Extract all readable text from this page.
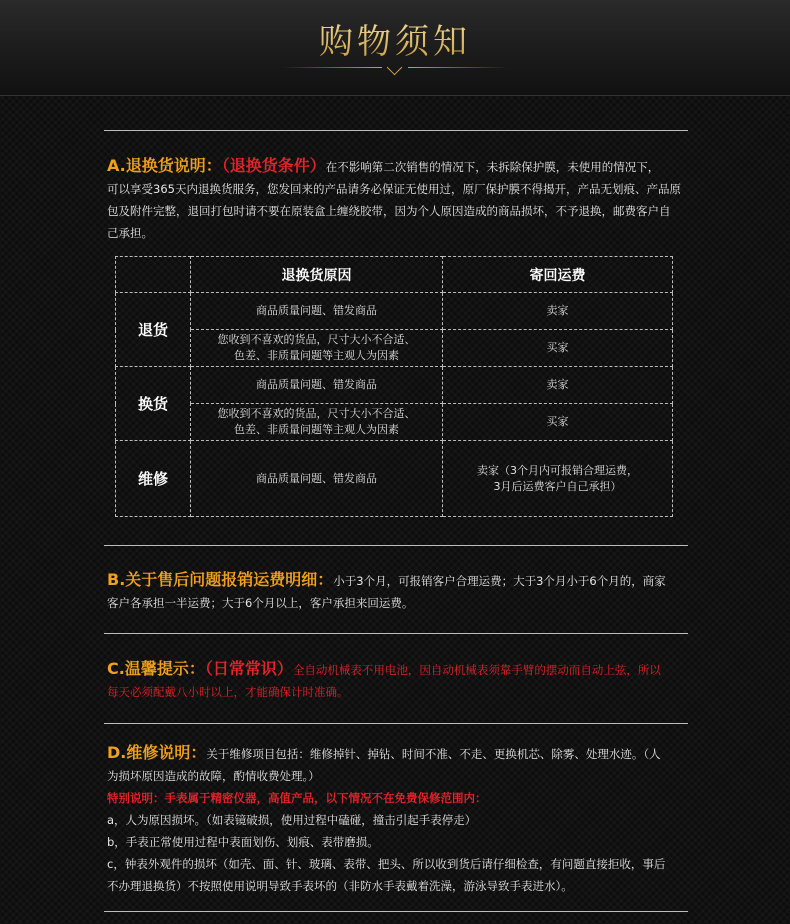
购物须知

A.退换货说明：（退换货条件）在不影响第二次销售的情况下，未拆除保护膜，未使用的情况下，

可以享受365天内退换货服务，您发回来的产品请务必保证无使用过，原厂保护膜不得揭开，产品无划痕、产品原

包及附件完整，退回打包时请不要在原装盒上缠绕胶带，因为个人原因造成的商品损坏，不予退换，邮费客户自

己承担。

	退换货原因	寄回运费
退货	商品质量问题、错发商品	卖家

	您收到不喜欢的货品，尺寸大小不合适、
色差、非质量问题等主观人为因素	买家

换货	商品质量问题、错发商品	卖家

	您收到不喜欢的货品，尺寸大小不合适、
色差、非质量问题等主观人为因素	买家

维修	商品质量问题、错发商品	卖家（3个月内可报销合理运费，
3月后运费客户自己承担）

B.关于售后问题报销运费明细：小于3个月，可报销客户合理运费；大于3个月小于6个月的，商家

客户各承担一半运费；大于6个月以上，客户承担来回运费。

C.温馨提示：（日常常识）全自动机械表不用电池，因自动机械表须靠手臂的摆动而自动上弦，所以

每天必须配戴八小时以上，才能确保计时准确。

D.维修说明：关于维修项目包括：维修掉针、掉钻、时间不准、不走、更换机芯、除雾、处理水迹。（人

为损坏原因造成的故障，酌情收费处理。）

特别说明：手表属于精密仪器，高值产品，以下情况不在免费保修范围内：

a，人为原因损坏。（如表镜破损，使用过程中磕碰，撞击引起手表停走）

b，手表正常使用过程中表面划伤、划痕、表带磨损。

c，钟表外观件的损坏（如壳、面、针、玻璃、表带、把头、所以收到货后请仔细检查，有问题直接拒收，事后

不办理退换货）不按照使用说明导致手表坏的（非防水手表戴着洗澡，游泳导致手表进水）。
